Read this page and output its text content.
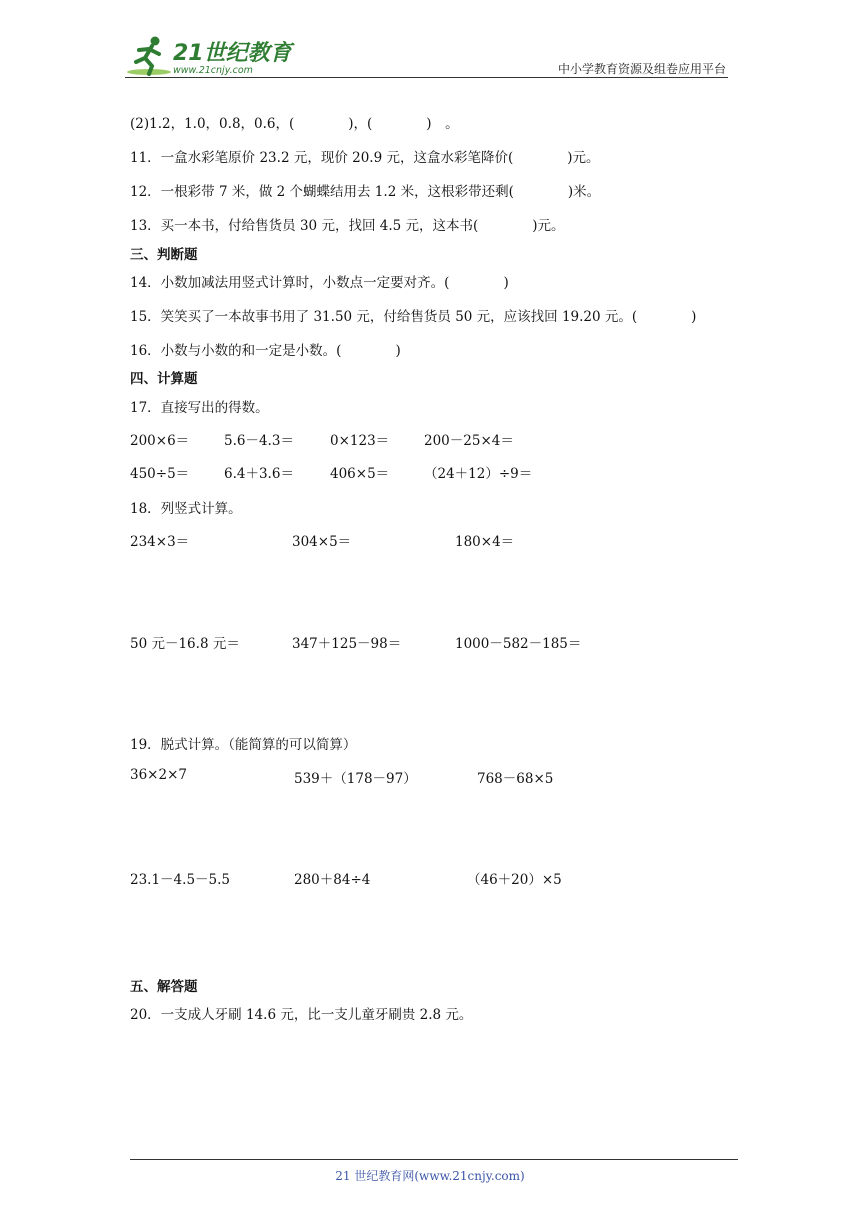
21世纪教育
www.21cnjy.com	中小学教育资源及组卷应用平台
(2)1.2，1.0，0.8，0.6，(　　　　)，(　　　　)　。
11．一盒水彩笔原价 23.2 元，现价 20.9 元，这盒水彩笔降价(　　　　)元。
12．一根彩带 7 米，做 2 个蝴蝶结用去 1.2 米，这根彩带还剩(　　　　)米。
13．买一本书，付给售货员 30 元，找回 4.5 元，这本书(　　　　)元。
三、判断题
14．小数加减法用竖式计算时，小数点一定要对齐。(　　　　)
15．笑笑买了一本故事书用了 31.50 元，付给售货员 50 元，应该找回 19.20 元。(　　　　)
16．小数与小数的和一定是小数。(　　　　)
四、计算题
17．直接写出的得数。
200×6＝	5.6－4.3＝	0×123＝	200－25×4＝
450÷5＝	6.4＋3.6＝	406×5＝	（24＋12）÷9＝
18．列竖式计算。
234×3＝	304×5＝	180×4＝
50 元－16.8 元＝	347＋125－98＝	1000－582－185＝
19．脱式计算。（能简算的可以简算）
36×2×7	539＋（178－97）	768－68×5
23.1－4.5－5.5	280＋84÷4	（46＋20）×5
五、解答题
20．一支成人牙刷 14.6 元，比一支儿童牙刷贵 2.8 元。
21 世纪教育网(www.21cnjy.com)
